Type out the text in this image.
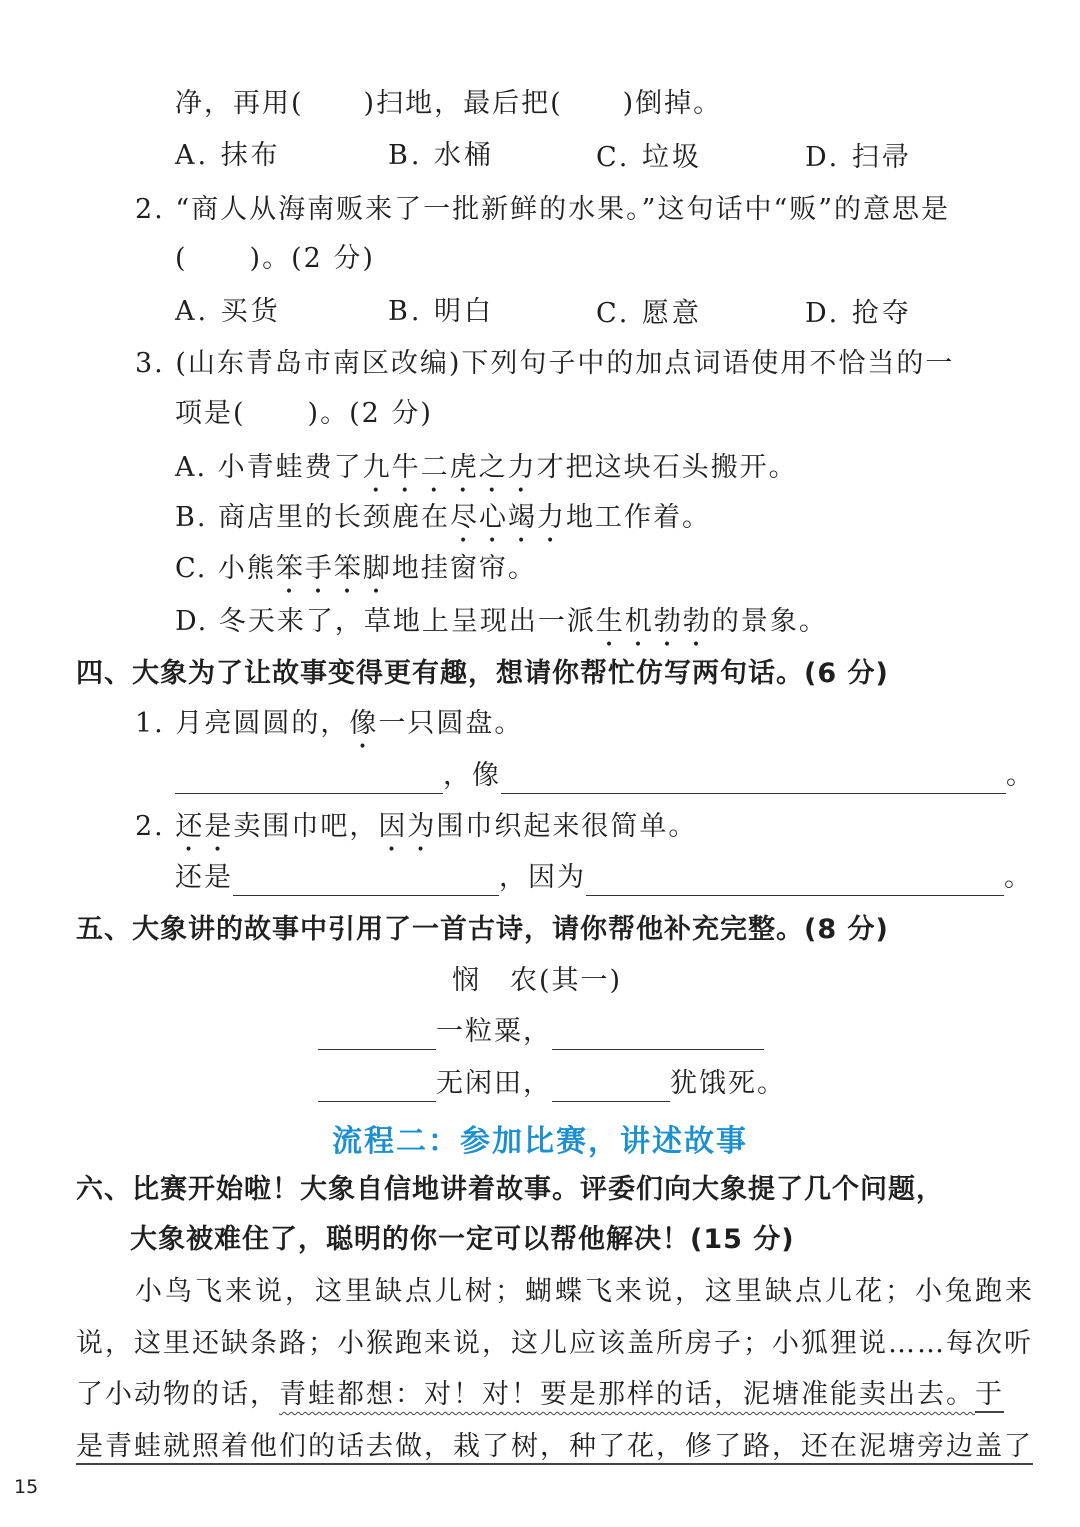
净，再用( )扫地，最后把( )倒掉。
A. 抹布	B. 水桶	C. 垃圾	D. 扫帚
2. “商人从海南贩来了一批新鲜的水果。”这句话中“贩”的意思是
( )。(2 分)
A. 买货	B. 明白	C. 愿意	D. 抢夺
3. (山东青岛市南区改编)下列句子中的加点词语使用不恰当的一
项是( )。(2 分)
A. 小青蛙费了九牛二虎之力才把这块石头搬开。
B. 商店里的长颈鹿在尽心竭力地工作着。
C. 小熊笨手笨脚地挂窗帘。
D. 冬天来了，草地上呈现出一派生机勃勃的景象。
四、大象为了让故事变得更有趣，想请你帮忙仿写两句话。(6 分)
1. 月亮圆圆的，像一只圆盘。
，像	。
2. 还是卖围巾吧，因为围巾织起来很简单。
还是	，因为	。
五、大象讲的故事中引用了一首古诗，请你帮他补充完整。(8 分)
悯　农(其一)
一粒粟，
无闲田，	犹饿死。
流程二：参加比赛，讲述故事
六、比赛开始啦！大象自信地讲着故事。评委们向大象提了几个问题，
大象被难住了，聪明的你一定可以帮他解决！(15 分)
小鸟飞来说，这里缺点儿树；蝴蝶飞来说，这里缺点儿花；小兔跑来
说，这里还缺条路；小猴跑来说，这儿应该盖所房子；小狐狸说……每次听
了小动物的话，青蛙都想：对！对！要是那样的话，泥塘准能卖出去。于
是青蛙就照着他们的话去做，栽了树，种了花，修了路，还在泥塘旁边盖了
15
